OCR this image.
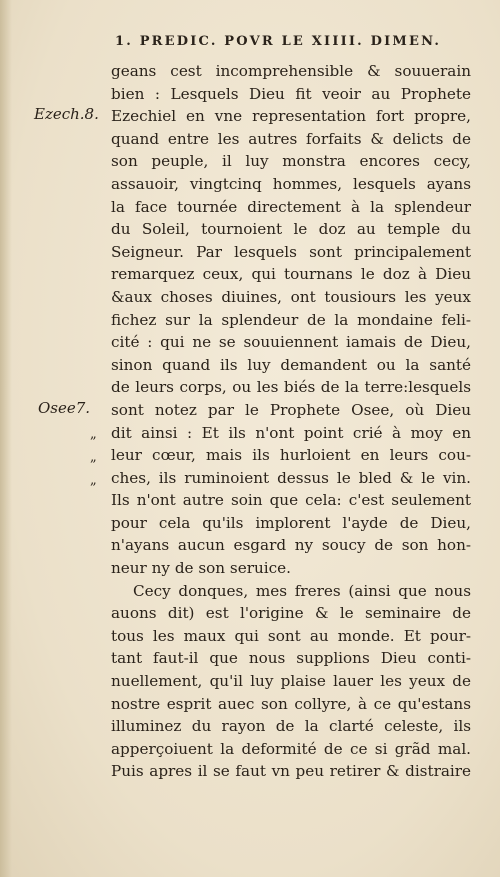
1. PREDIC. POVR LE XIIII. DIMEN.
Ezech.8.
Osee7.
„
„
„
geans cest incomprehensible & souuerain
bien : Lesquels Dieu fit veoir au Prophete
Ezechiel en vne representation fort propre,
quand entre les autres forfaits & delicts de
son peuple, il luy monstra encores cecy,
assauoir, vingtcinq hommes, lesquels ayans
la face tournée directement à la splendeur
du Soleil, tournoient le doz au temple du
Seigneur. Par lesquels sont principalement
remarquez ceux, qui tournans le doz à Dieu
&aux choses diuines, ont tousiours les yeux
fichez sur la splendeur de la mondaine feli-
cité : qui ne se souuiennent iamais de Dieu,
sinon quand ils luy demandent ou la santé
de leurs corps, ou les biés de la terre:lesquels
sont notez par le Prophete Osee, où Dieu
dit ainsi : Et ils n'ont point crié à moy en
leur cœur, mais ils hurloient en leurs cou-
ches, ils ruminoient dessus le bled & le vin.
Ils n'ont autre soin que cela: c'est seulement
pour cela qu'ils implorent l'ayde de Dieu,
n'ayans aucun esgard ny soucy de son hon-
neur ny de son seruice.
Cecy donques, mes freres (ainsi que nous
auons dit) est l'origine & le seminaire de
tous les maux qui sont au monde. Et pour-
tant faut-il que nous supplions Dieu conti-
nuellement, qu'il luy plaise lauer les yeux de
nostre esprit auec son collyre, à ce qu'estans
illuminez du rayon de la clarté celeste, ils
apperçoiuent la deformité de ce si grãd mal.
Puis apres il se faut vn peu retirer & distraire
